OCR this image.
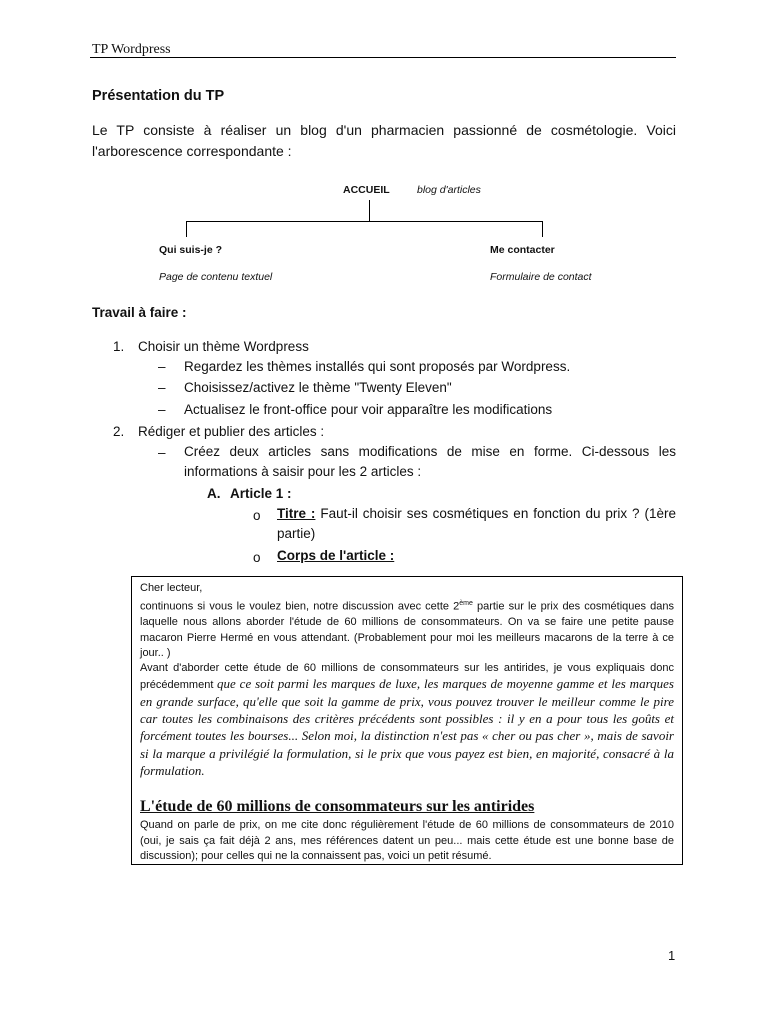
TP Wordpress
Présentation du TP
Le TP consiste à réaliser un blog d'un pharmacien passionné de cosmétologie. Voici l'arborescence correspondante :
ACCUEIL	blog d'articles
Qui suis-je ?
Page de contenu textuel
Me contacter
Formulaire de contact
Travail à faire :
1. Choisir un thème Wordpress
– Regardez les thèmes installés qui sont proposés par Wordpress.
– Choisissez/activez le thème "Twenty Eleven"
– Actualisez le front-office pour voir apparaître les modifications
2. Rédiger et publier des articles :
– Créez deux articles sans modifications de mise en forme. Ci-dessous les informations à saisir pour les 2 articles :
A. Article 1 :
o Titre : Faut-il choisir ses cosmétiques en fonction du prix ? (1ère partie)
o Corps de l'article :

Cher lecteur,

continuons si vous le voulez bien, notre discussion avec cette 2ème partie sur le prix des cosmétiques dans laquelle nous allons aborder l'étude de 60 millions de consommateurs. On va se faire une petite pause macaron Pierre Hermé en vous attendant. (Probablement pour moi les meilleurs macarons de la terre à ce jour.. )

Avant d'aborder cette étude de 60 millions de consommateurs sur les antirides, je vous expliquais donc précédemment que ce soit parmi les marques de luxe, les marques de moyenne gamme et les marques en grande surface, qu'elle que soit la gamme de prix, vous pouvez trouver le meilleur comme le pire car toutes les combinaisons des critères précédents sont possibles : il y en a pour tous les goûts et forcément toutes les bourses... Selon moi, la distinction n'est pas « cher ou pas cher », mais de savoir si la marque a privilégié la formulation, si le prix que vous payez est bien, en majorité, consacré à la formulation.

L'étude de 60 millions de consommateurs sur les antirides

Quand on parle de prix, on me cite donc régulièrement l'étude de 60 millions de consommateurs de 2010 (oui, je sais ça fait déjà 2 ans, mes références datent un peu... mais cette étude est une bonne base de discussion); pour celles qui ne la connaissent pas, voici un petit résumé.

1
